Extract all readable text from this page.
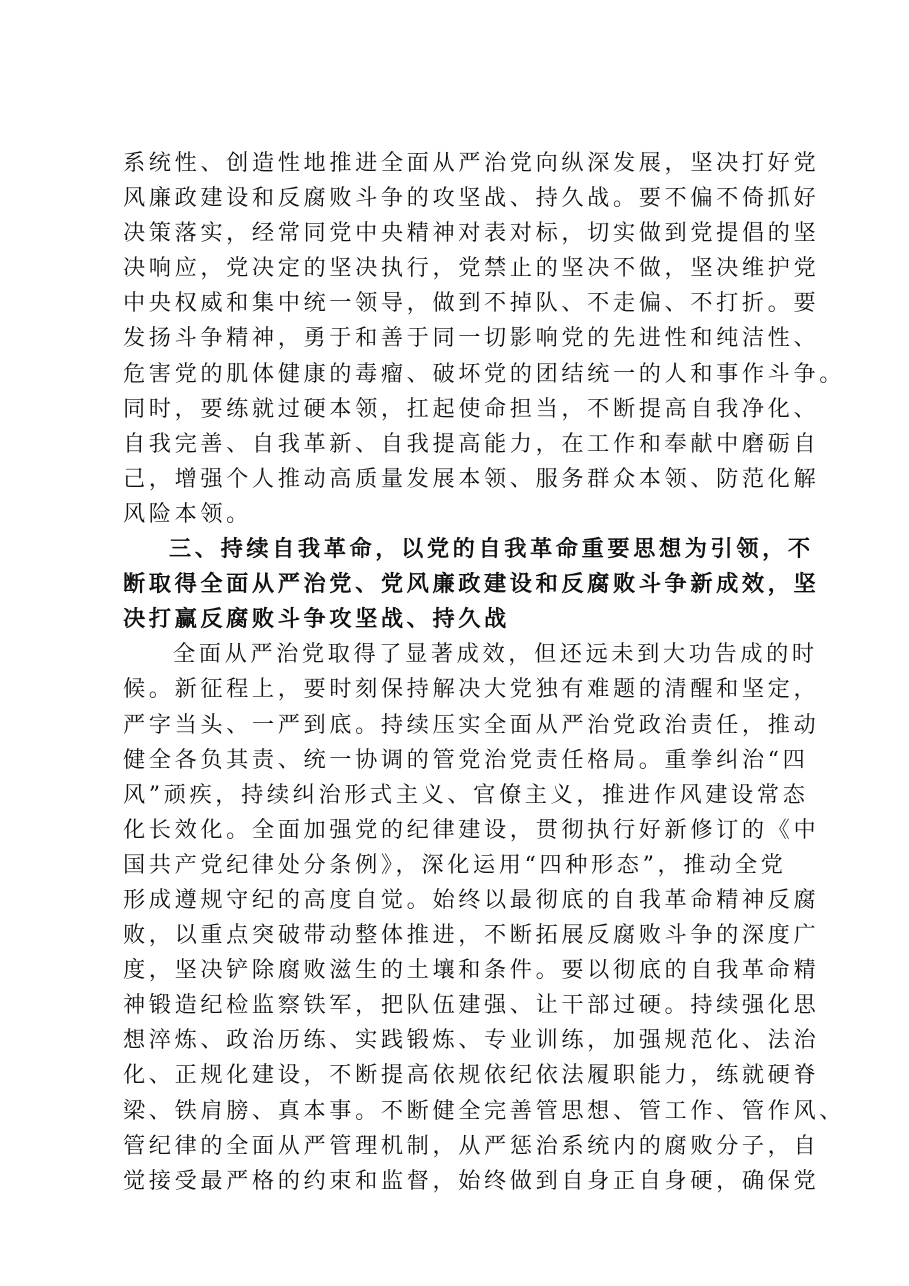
系统性、创造性地推进全面从严治党向纵深发展，坚决打好党
风廉政建设和反腐败斗争的攻坚战、持久战。要不偏不倚抓好
决策落实，经常同党中央精神对表对标，切实做到党提倡的坚
决响应，党决定的坚决执行，党禁止的坚决不做，坚决维护党
中央权威和集中统一领导，做到不掉队、不走偏、不打折。要
发扬斗争精神，勇于和善于同一切影响党的先进性和纯洁性、
危害党的肌体健康的毒瘤、破坏党的团结统一的人和事作斗争。
同时，要练就过硬本领，扛起使命担当，不断提高自我净化、
自我完善、自我革新、自我提高能力，在工作和奉献中磨砺自
己，增强个人推动高质量发展本领、服务群众本领、防范化解
风险本领。
三、持续自我革命，以党的自我革命重要思想为引领，不
断取得全面从严治党、党风廉政建设和反腐败斗争新成效，坚
决打赢反腐败斗争攻坚战、持久战
全面从严治党取得了显著成效，但还远未到大功告成的时
候。新征程上，要时刻保持解决大党独有难题的清醒和坚定，
严字当头、一严到底。持续压实全面从严治党政治责任，推动
健全各负其责、统一协调的管党治党责任格局。重拳纠治“四
风”顽疾，持续纠治形式主义、官僚主义，推进作风建设常态
化长效化。全面加强党的纪律建设，贯彻执行好新修订的《中
国共产党纪律处分条例》，深化运用“四种形态”，推动全党
形成遵规守纪的高度自觉。始终以最彻底的自我革命精神反腐
败，以重点突破带动整体推进，不断拓展反腐败斗争的深度广
度，坚决铲除腐败滋生的土壤和条件。要以彻底的自我革命精
神锻造纪检监察铁军，把队伍建强、让干部过硬。持续强化思
想淬炼、政治历练、实践锻炼、专业训练，加强规范化、法治
化、正规化建设，不断提高依规依纪依法履职能力，练就硬脊
梁、铁肩膀、真本事。不断健全完善管思想、管工作、管作风、
管纪律的全面从严管理机制，从严惩治系统内的腐败分子，自
觉接受最严格的约束和监督，始终做到自身正自身硬，确保党
